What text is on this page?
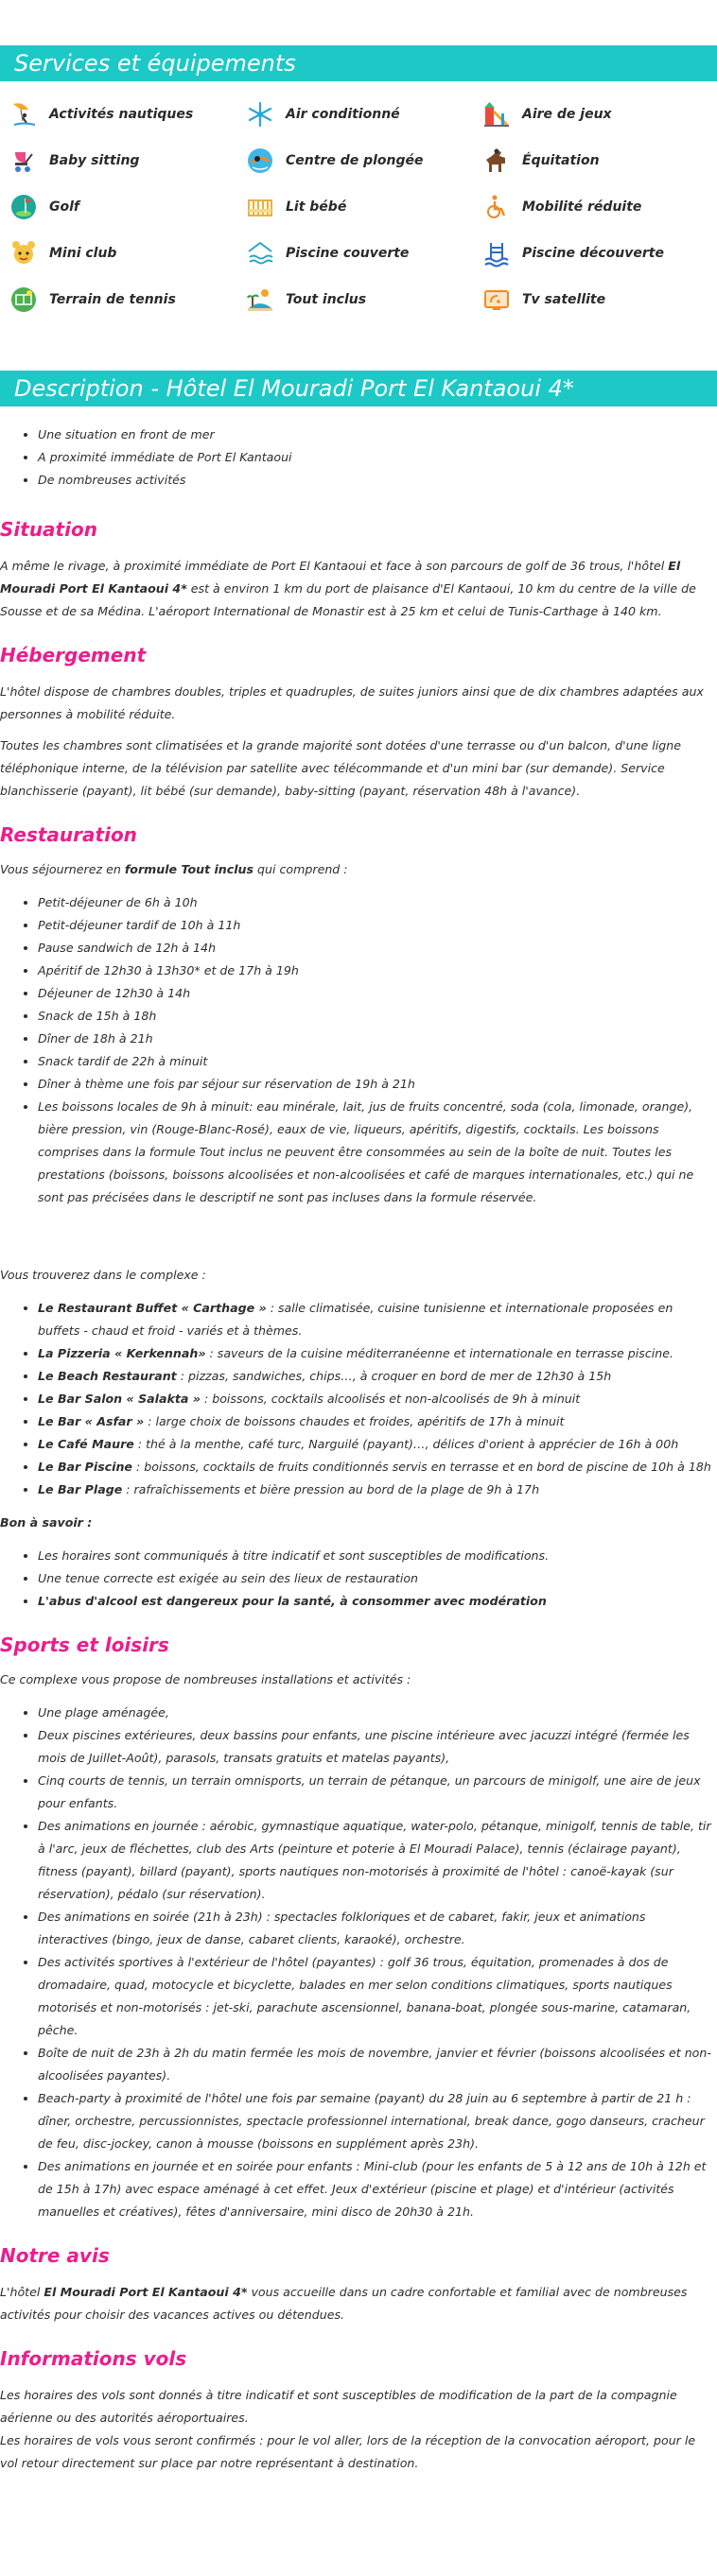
Services et équipements
Activités nautiques	Air conditionné	Aire de jeux
Baby sitting	Centre de plongée	Équitation
Golf	Lit bébé	Mobilité réduite
Mini club	Piscine couverte	Piscine découverte
Terrain de tennis	Tout inclus	Tv satellite
Description - Hôtel El Mouradi Port El Kantaoui 4*
• Une situation en front de mer
• A proximité immédiate de Port El Kantaoui
• De nombreuses activités
Situation

A même le rivage, à proximité immédiate de Port El Kantaoui et face à son parcours de golf de 36 trous, l'hôtel El Mouradi Port El Kantaoui 4* est à environ 1 km du port de plaisance d'El Kantaoui, 10 km du centre de la ville de Sousse et de sa Médina. L'aéroport International de Monastir est à 25 km et celui de Tunis-Carthage à 140 km.

Hébergement

L'hôtel dispose de chambres doubles, triples et quadruples, de suites juniors ainsi que de dix chambres adaptées aux personnes à mobilité réduite.

Toutes les chambres sont climatisées et la grande majorité sont dotées d'une terrasse ou d'un balcon, d'une ligne téléphonique interne, de la télévision par satellite avec télécommande et d'un mini bar (sur demande). Service blanchisserie (payant), lit bébé (sur demande), baby-sitting (payant, réservation 48h à l'avance).

Restauration

Vous séjournerez en formule Tout inclus qui comprend :

• Petit-déjeuner de 6h à 10h
• Petit-déjeuner tardif de 10h à 11h
• Pause sandwich de 12h à 14h
• Apéritif de 12h30 à 13h30* et de 17h à 19h
• Déjeuner de 12h30 à 14h
• Snack de 15h à 18h
• Dîner de 18h à 21h
• Snack tardif de 22h à minuit
• Dîner à thème une fois par séjour sur réservation de 19h à 21h
• Les boissons locales de 9h à minuit: eau minérale, lait, jus de fruits concentré, soda (cola, limonade, orange), bière pression, vin (Rouge-Blanc-Rosé), eaux de vie, liqueurs, apéritifs, digestifs, cocktails. Les boissons comprises dans la formule Tout inclus ne peuvent être consommées au sein de la boîte de nuit. Toutes les prestations (boissons, boissons alcoolisées et non-alcoolisées et café de marques internationales, etc.) qui ne sont pas précisées dans le descriptif ne sont pas incluses dans la formule réservée.

Vous trouverez dans le complexe :

• Le Restaurant Buffet « Carthage » : salle climatisée, cuisine tunisienne et internationale proposées en buffets - chaud et froid - variés et à thèmes.
• La Pizzeria « Kerkennah» : saveurs de la cuisine méditerranéenne et internationale en terrasse piscine.
• Le Beach Restaurant : pizzas, sandwiches, chips…, à croquer en bord de mer de 12h30 à 15h
• Le Bar Salon « Salakta » : boissons, cocktails alcoolisés et non-alcoolisés de 9h à minuit
• Le Bar « Asfar » : large choix de boissons chaudes et froides, apéritifs de 17h à minuit
• Le Café Maure : thé à la menthe, café turc, Narguilé (payant)…, délices d'orient à apprécier de 16h à 00h
• Le Bar Piscine : boissons, cocktails de fruits conditionnés servis en terrasse et en bord de piscine de 10h à 18h
• Le Bar Plage : rafraîchissements et bière pression au bord de la plage de 9h à 17h

Bon à savoir :

• Les horaires sont communiqués à titre indicatif et sont susceptibles de modifications.
• Une tenue correcte est exigée au sein des lieux de restauration
• L'abus d'alcool est dangereux pour la santé, à consommer avec modération
Sports et loisirs

Ce complexe vous propose de nombreuses installations et activités :

• Une plage aménagée,
• Deux piscines extérieures, deux bassins pour enfants, une piscine intérieure avec jacuzzi intégré (fermée les mois de Juillet-Août), parasols, transats gratuits et matelas payants),
• Cinq courts de tennis, un terrain omnisports, un terrain de pétanque, un parcours de minigolf, une aire de jeux pour enfants.
• Des animations en journée : aérobic, gymnastique aquatique, water-polo, pétanque, minigolf, tennis de table, tir à l'arc, jeux de fléchettes, club des Arts (peinture et poterie à El Mouradi Palace), tennis (éclairage payant), fitness (payant), billard (payant), sports nautiques non-motorisés à proximité de l'hôtel : canoë-kayak (sur réservation), pédalo (sur réservation).
• Des animations en soirée (21h à 23h) : spectacles folkloriques et de cabaret, fakir, jeux et animations interactives (bingo, jeux de danse, cabaret clients, karaoké), orchestre.
• Des activités sportives à l'extérieur de l'hôtel (payantes) : golf 36 trous, équitation, promenades à dos de dromadaire, quad, motocycle et bicyclette, balades en mer selon conditions climatiques, sports nautiques motorisés et non-motorisés : jet-ski, parachute ascensionnel, banana-boat, plongée sous-marine, catamaran, pêche.
• Boîte de nuit de 23h à 2h du matin fermée les mois de novembre, janvier et février (boissons alcoolisées et non-alcoolisées payantes).
• Beach-party à proximité de l'hôtel une fois par semaine (payant) du 28 juin au 6 septembre à partir de 21 h : dîner, orchestre, percussionnistes, spectacle professionnel international, break dance, gogo danseurs, cracheur de feu, disc-jockey, canon à mousse (boissons en supplément après 23h).
• Des animations en journée et en soirée pour enfants : Mini-club (pour les enfants de 5 à 12 ans de 10h à 12h et de 15h à 17h) avec espace aménagé à cet effet. Jeux d'extérieur (piscine et plage) et d'intérieur (activités manuelles et créatives), fêtes d'anniversaire, mini disco de 20h30 à 21h.
Notre avis

L'hôtel El Mouradi Port El Kantaoui 4* vous accueille dans un cadre confortable et familial avec de nombreuses activités pour choisir des vacances actives ou détendues.

Informations vols

Les horaires des vols sont donnés à titre indicatif et sont susceptibles de modification de la part de la compagnie aérienne ou des autorités aéroportuaires.

Les horaires de vols vous seront confirmés : pour le vol aller, lors de la réception de la convocation aéroport, pour le vol retour directement sur place par notre représentant à destination.
